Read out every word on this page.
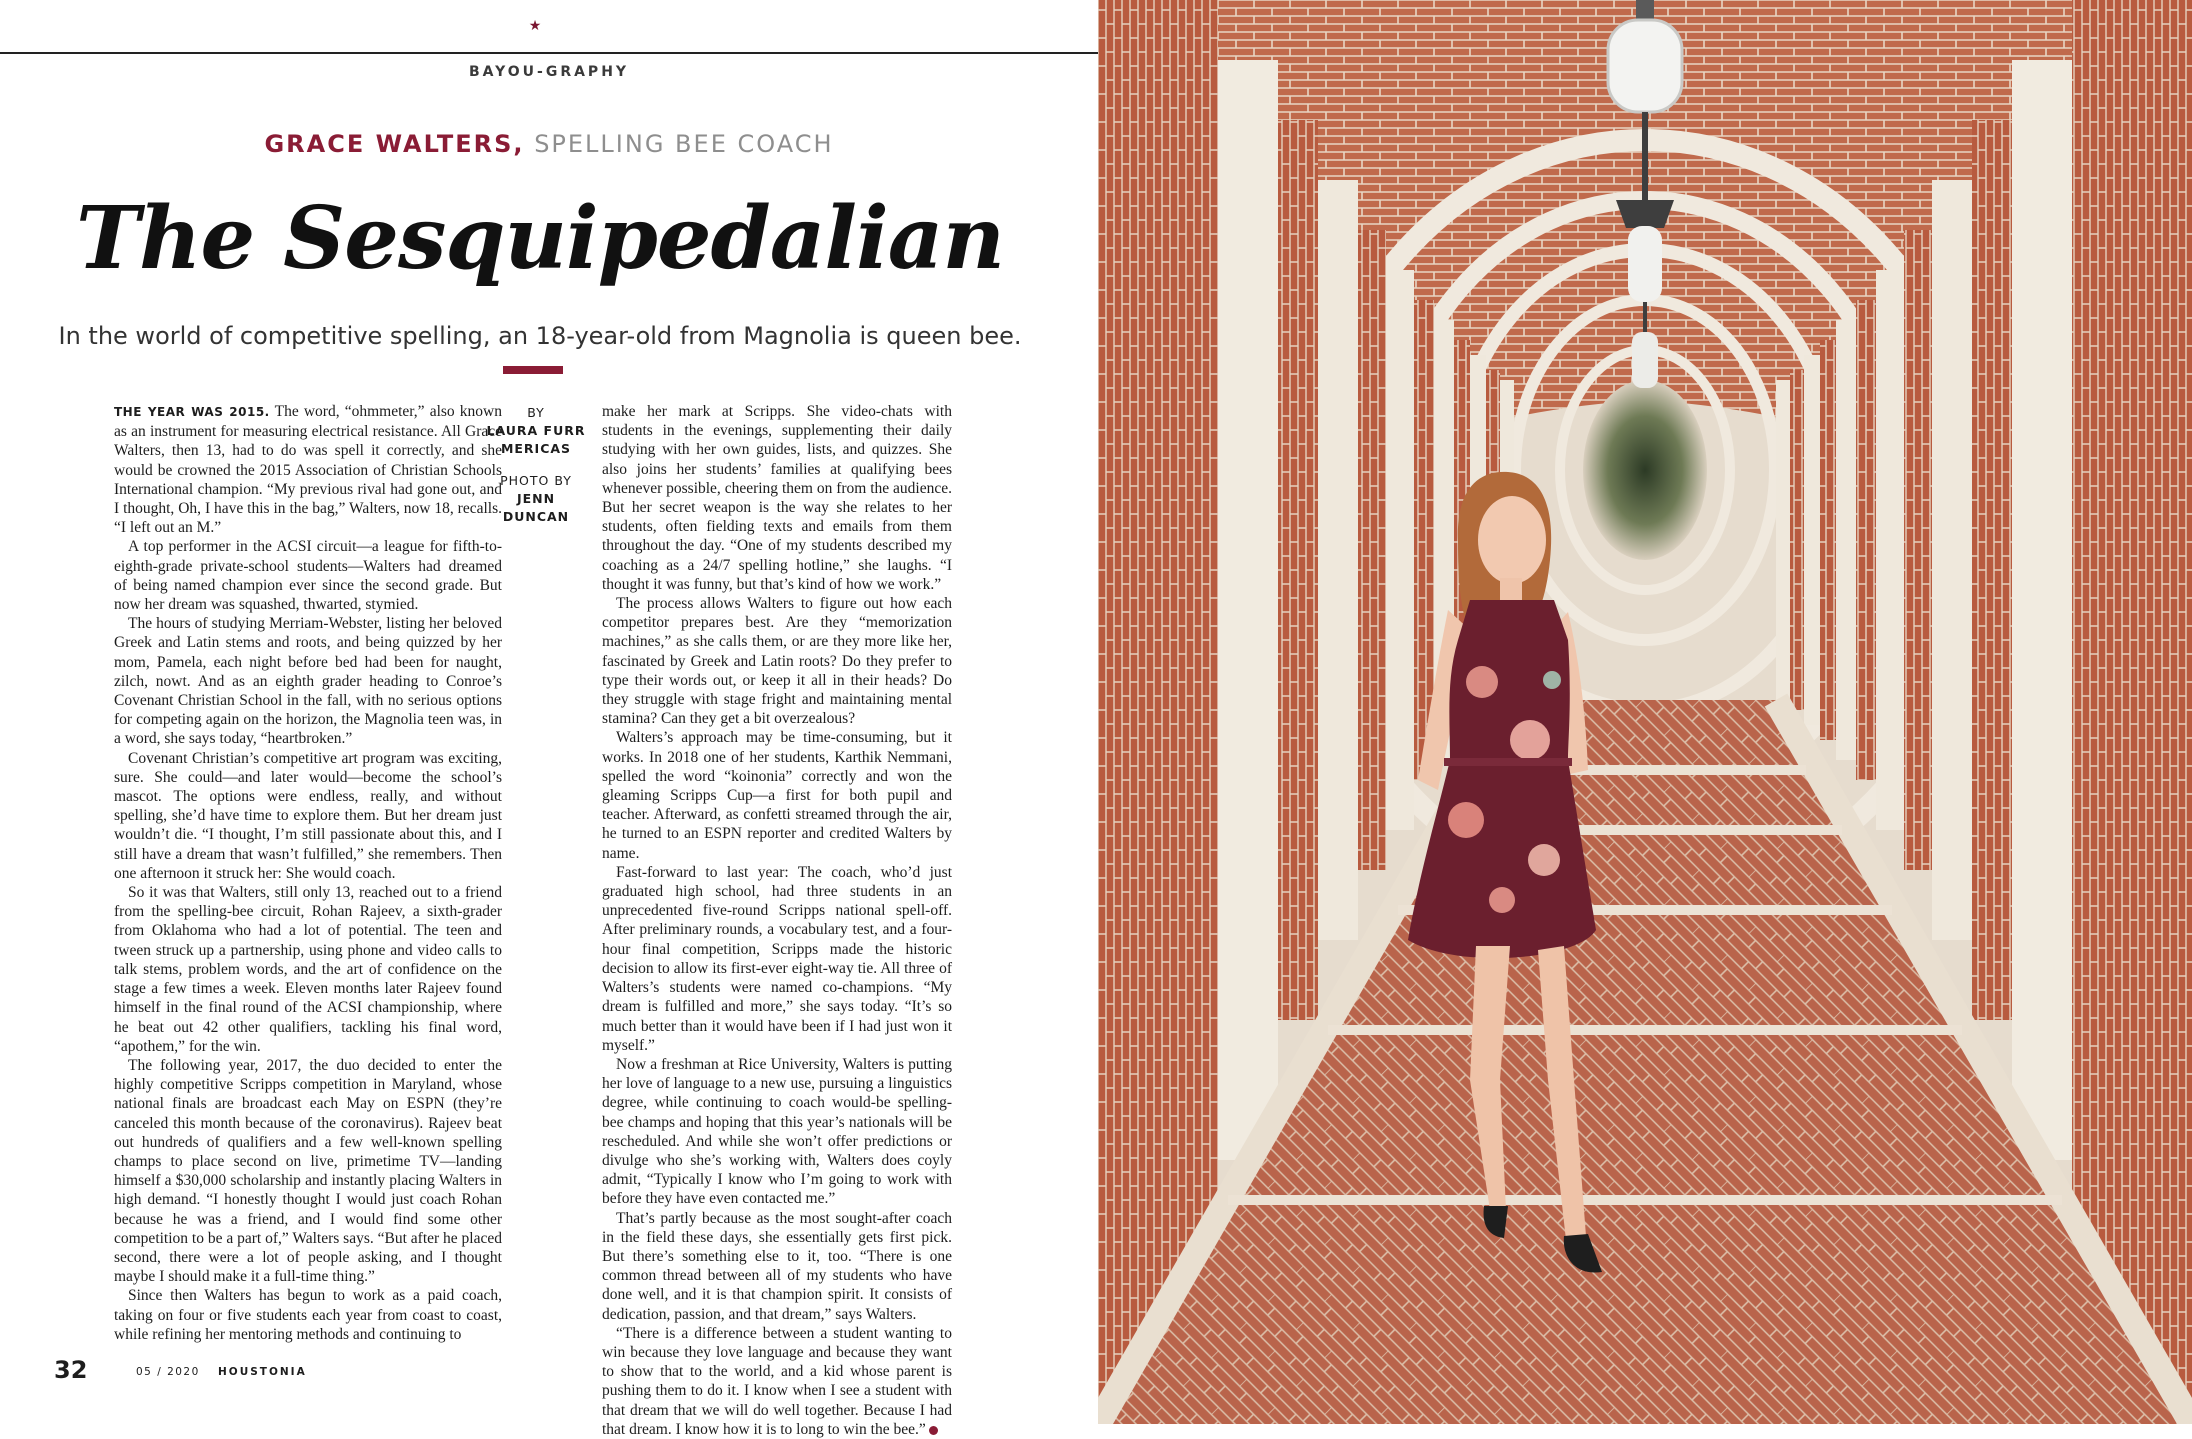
★
BAYOU-GRAPHY
GRACE WALTERS, SPELLING BEE COACH
The Sesquipedalian
In the world of competitive spelling, an 18-year-old from Magnolia is queen bee.

THE YEAR WAS 2015. The word, “ohmmeter,” also known as an instrument for measuring electrical resistance. All Grace Walters, then 13, had to do was spell it correctly, and she would be crowned the 2015 Association of Christian Schools International champion. “My previous rival had gone out, and I thought, Oh, I have this in the bag,” Walters, now 18, recalls. “I left out an M.”

A top performer in the ACSI circuit—a league for fifth-to-eighth-grade private-school students—Walters had dreamed of being named champion ever since the second grade. But now her dream was squashed, thwarted, stymied.

The hours of studying Merriam-Webster, listing her beloved Greek and Latin stems and roots, and being quizzed by her mom, Pamela, each night before bed had been for naught, zilch, nowt. And as an eighth grader heading to Conroe’s Covenant Christian School in the fall, with no serious options for competing again on the horizon, the Magnolia teen was, in a word, she says today, “heartbroken.”

Covenant Christian’s competitive art program was exciting, sure. She could—and later would—become the school’s mascot. The options were endless, really, and without spelling, she’d have time to explore them. But her dream just wouldn’t die. “I thought, I’m still passionate about this, and I still have a dream that wasn’t fulfilled,” she remembers. Then one afternoon it struck her: She would coach.

So it was that Walters, still only 13, reached out to a friend from the spelling-bee circuit, Rohan Rajeev, a sixth-grader from Oklahoma who had a lot of potential. The teen and tween struck up a partnership, using phone and video calls to talk stems, problem words, and the art of confidence on the stage a few times a week. Eleven months later Rajeev found himself in the final round of the ACSI championship, where he beat out 42 other qualifiers, tackling his final word, “apothem,” for the win.

The following year, 2017, the duo decided to enter the highly competitive Scripps competition in Maryland, whose national finals are broadcast each May on ESPN (they’re canceled this month because of the coronavirus). Rajeev beat out hundreds of qualifiers and a few well-known spelling champs to place second on live, primetime TV—landing himself a $30,000 scholarship and instantly placing Walters in high demand. “I honestly thought I would just coach Rohan because he was a friend, and I would find some other competition to be a part of,” Walters says. “But after he placed second, there were a lot of people asking, and I thought maybe I should make it a full-time thing.”

Since then Walters has begun to work as a paid coach, taking on four or five students each year from coast to coast, while refining her mentoring methods and continuing to

BY
LAURA FURR
MERICAS
PHOTO BY
JENN
DUNCAN

make her mark at Scripps. She video-chats with students in the evenings, supplementing their daily studying with her own guides, lists, and quizzes. She also joins her students’ families at qualifying bees whenever possible, cheering them on from the audience. But her secret weapon is the way she relates to her students, often fielding texts and emails from them throughout the day. “One of my students described my coaching as a 24/7 spelling hotline,” she laughs. “I thought it was funny, but that’s kind of how we work.”

The process allows Walters to figure out how each competitor prepares best. Are they “memorization machines,” as she calls them, or are they more like her, fascinated by Greek and Latin roots? Do they prefer to type their words out, or keep it all in their heads? Do they struggle with stage fright and maintaining mental stamina? Can they get a bit overzealous?

Walters’s approach may be time-consuming, but it works. In 2018 one of her students, Karthik Nemmani, spelled the word “koinonia” correctly and won the gleaming Scripps Cup—a first for both pupil and teacher. Afterward, as confetti streamed through the air, he turned to an ESPN reporter and credited Walters by name.

Fast-forward to last year: The coach, who’d just graduated high school, had three students in an unprecedented five-round Scripps national spell-off. After preliminary rounds, a vocabulary test, and a four-hour final competition, Scripps made the historic decision to allow its first-ever eight-way tie. All three of Walters’s students were named co-champions. “My dream is fulfilled and more,” she says today. “It’s so much better than it would have been if I had just won it myself.”

Now a freshman at Rice University, Walters is putting her love of language to a new use, pursuing a linguistics degree, while continuing to coach would-be spelling-bee champs and hoping that this year’s nationals will be rescheduled. And while she won’t offer predictions or divulge who she’s working with, Walters does coyly admit, “Typically I know who I’m going to work with before they have even contacted me.”

That’s partly because as the most sought-after coach in the field these days, she essentially gets first pick. But there’s something else to it, too. “There is one common thread between all of my students who have done well, and it is that champion spirit. It consists of dedication, passion, and that dream,” says Walters.

“There is a difference between a student wanting to win because they love language and because they want to show that to the world, and a kid whose parent is pushing them to do it. I know when I see a student with that dream that we will do well together. Because I had that dream. I know how it is to long to win the bee.”

32	05 / 2020 HOUSTONIA
